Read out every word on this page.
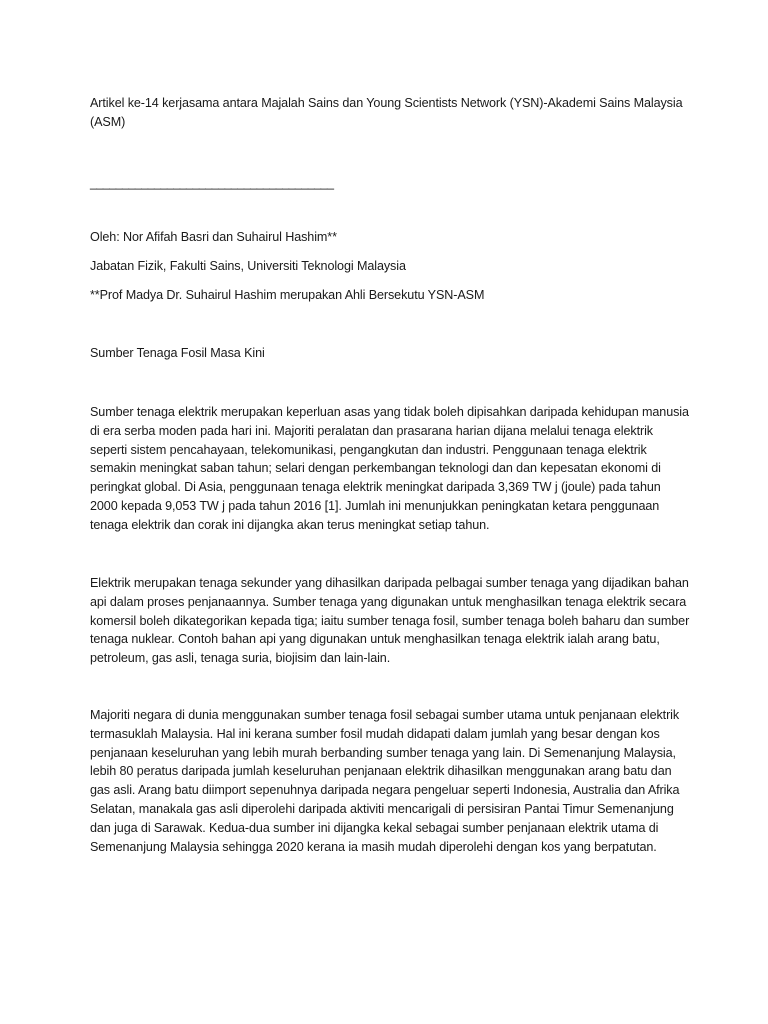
Artikel ke-14 kerjasama antara Majalah Sains dan Young Scientists Network (YSN)-Akademi Sains Malaysia (ASM)

______________________________________

Oleh: Nor Afifah Basri dan Suhairul Hashim**

Jabatan Fizik, Fakulti Sains, Universiti Teknologi Malaysia

**Prof Madya Dr. Suhairul Hashim merupakan Ahli Bersekutu YSN-ASM

Sumber Tenaga Fosil Masa Kini

Sumber tenaga elektrik merupakan keperluan asas yang tidak boleh dipisahkan daripada kehidupan manusia di era serba moden pada hari ini. Majoriti peralatan dan prasarana harian dijana melalui tenaga elektrik seperti sistem pencahayaan, telekomunikasi, pengangkutan dan industri. Penggunaan tenaga elektrik semakin meningkat saban tahun; selari dengan perkembangan teknologi dan dan kepesatan ekonomi di peringkat global. Di Asia, penggunaan tenaga elektrik meningkat daripada 3,369 TW j (joule) pada tahun 2000 kepada 9,053 TW j pada tahun 2016 [1]. Jumlah ini menunjukkan peningkatan ketara penggunaan tenaga elektrik dan corak ini dijangka akan terus meningkat setiap tahun.

Elektrik merupakan tenaga sekunder yang dihasilkan daripada pelbagai sumber tenaga yang dijadikan bahan api dalam proses penjanaannya. Sumber tenaga yang digunakan untuk menghasilkan tenaga elektrik secara komersil boleh dikategorikan kepada tiga; iaitu sumber tenaga fosil, sumber tenaga boleh baharu dan sumber tenaga nuklear. Contoh bahan api yang digunakan untuk menghasilkan tenaga elektrik ialah arang batu, petroleum, gas asli, tenaga suria, biojisim dan lain-lain.

Majoriti negara di dunia menggunakan sumber tenaga fosil sebagai sumber utama untuk penjanaan elektrik termasuklah Malaysia. Hal ini kerana sumber fosil mudah didapati dalam jumlah yang besar dengan kos penjanaan keseluruhan yang lebih murah berbanding sumber tenaga yang lain. Di Semenanjung Malaysia, lebih 80 peratus daripada jumlah keseluruhan penjanaan elektrik dihasilkan menggunakan arang batu dan gas asli. Arang batu diimport sepenuhnya daripada negara pengeluar seperti Indonesia, Australia dan Afrika Selatan, manakala gas asli diperolehi daripada aktiviti mencarigali di persisiran Pantai Timur Semenanjung dan juga di Sarawak. Kedua-dua sumber ini dijangka kekal sebagai sumber penjanaan elektrik utama di Semenanjung Malaysia sehingga 2020 kerana ia masih mudah diperolehi dengan kos yang berpatutan.
